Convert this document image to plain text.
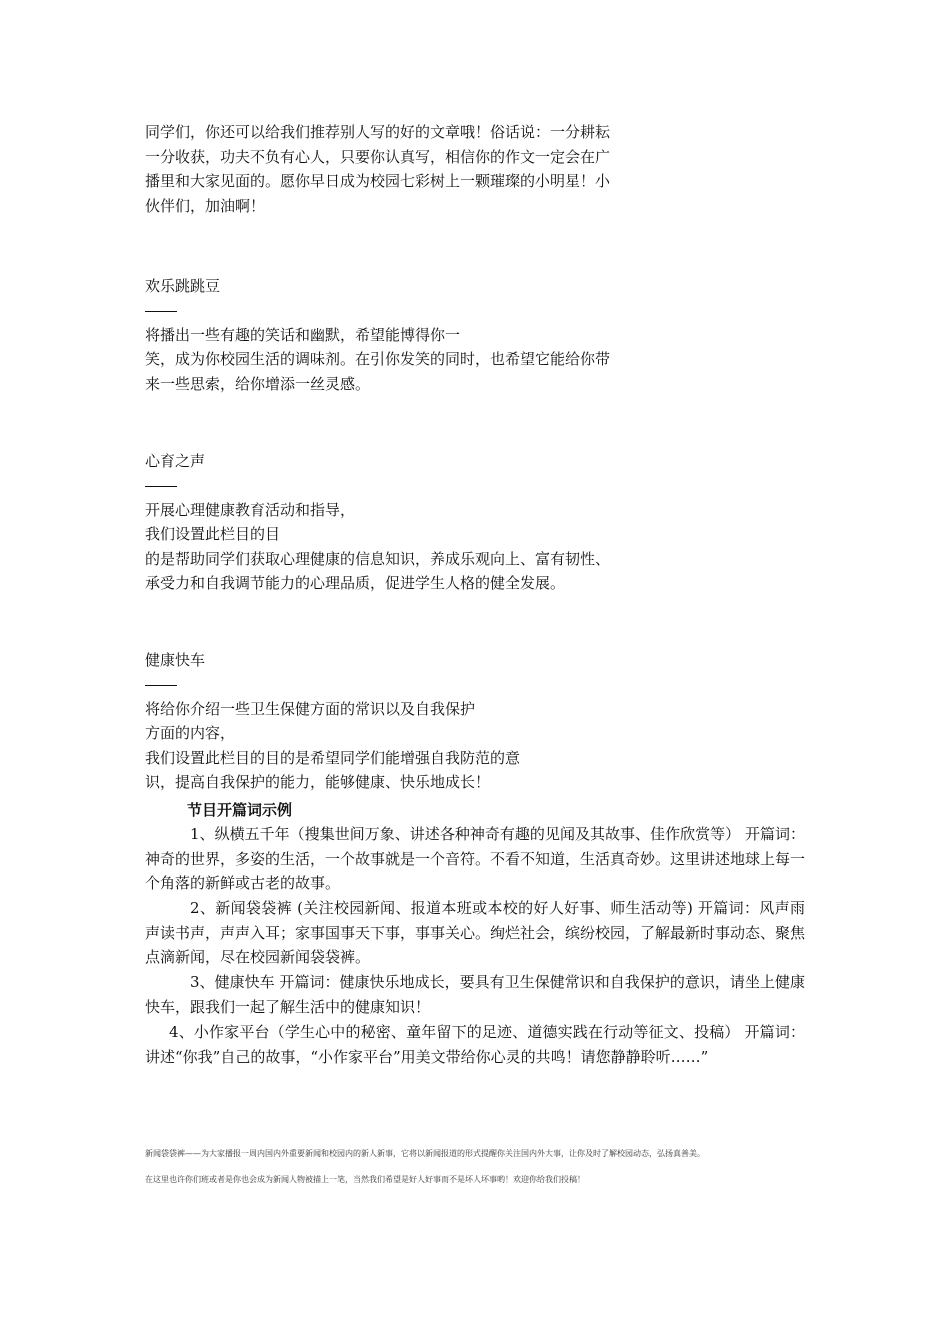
同学们，你还可以给我们推荐别人写的好的文章哦！俗话说：一分耕耘
一分收获，功夫不负有心人，只要你认真写，相信你的作文一定会在广
播里和大家见面的。愿你早日成为校园七彩树上一颗璀璨的小明星！小
伙伴们，加油啊！
欢乐跳跳豆
将播出一些有趣的笑话和幽默，希望能博得你一
笑，成为你校园生活的调味剂。在引你发笑的同时，也希望它能给你带
来一些思索，给你增添一丝灵感。
心育之声
开展心理健康教育活动和指导，
我们设置此栏目的目
的是帮助同学们获取心理健康的信息知识，养成乐观向上、富有韧性、
承受力和自我调节能力的心理品质，促进学生人格的健全发展。
健康快车
将给你介绍一些卫生保健方面的常识以及自我保护
方面的内容，
我们设置此栏目的目的是希望同学们能增强自我防范的意
识，提高自我保护的能力，能够健康、快乐地成长！

节目开篇词示例

1、纵横五千年（搜集世间万象、讲述各种神奇有趣的见闻及其故事、佳作欣赏等） 开篇词：神奇的世界，多姿的生活，一个故事就是一个音符。不看不知道，生活真奇妙。这里讲述地球上每一个角落的新鲜或古老的故事。

2、新闻袋袋裤 (关注校园新闻、报道本班或本校的好人好事、师生活动等) 开篇词：风声雨声读书声，声声入耳；家事国事天下事，事事关心。绚烂社会，缤纷校园，了解最新时事动态、聚焦点滴新闻，尽在校园新闻袋袋裤。

3、健康快车 开篇词：健康快乐地成长，要具有卫生保健常识和自我保护的意识，请坐上健康快车，跟我们一起了解生活中的健康知识！

4、小作家平台（学生心中的秘密、童年留下的足迹、道德实践在行动等征文、投稿） 开篇词：讲述“你我”自己的故事，“小作家平台”用美文带给你心灵的共鸣！请您静静聆听……”

新闻袋袋裤——为大家播报一周内国内外重要新闻和校园内的新人新事，它将以新闻报道的形式提醒你关注国内外大事，让你及时了解校园动态，弘扬真善美。

在这里也许你们班或者是你也会成为新闻人物被描上一笔，当然我们希望是好人好事而不是坏人坏事哟！欢迎你给我们投稿！
